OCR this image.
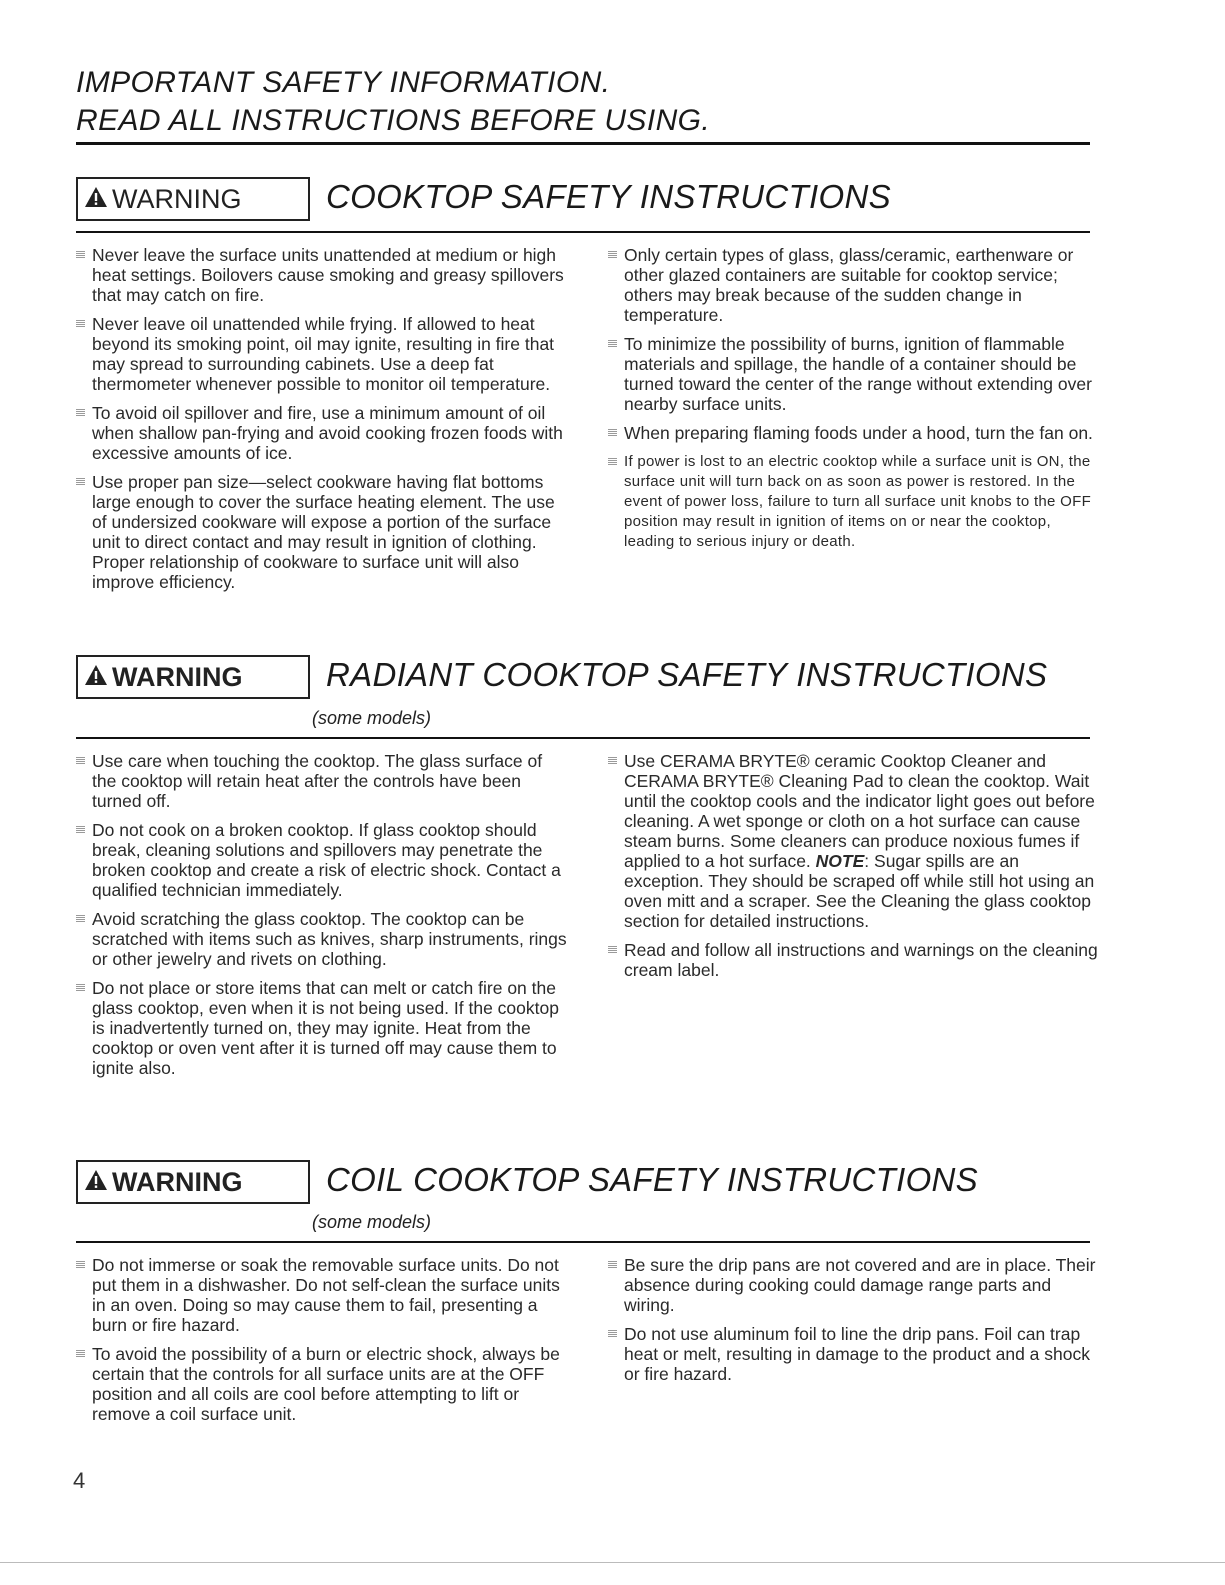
IMPORTANT SAFETY INFORMATION.
READ ALL INSTRUCTIONS BEFORE USING.
WARNING	COOKTOP SAFETY INSTRUCTIONS
Never leave the surface units unattended at medium or high heat settings. Boilovers cause smoking and greasy spillovers that may catch on fire.
Never leave oil unattended while frying. If allowed to heat beyond its smoking point, oil may ignite, resulting in fire that may spread to surrounding cabinets. Use a deep fat thermometer whenever possible to monitor oil temperature.
To avoid oil spillover and fire, use a minimum amount of oil when shallow pan-frying and avoid cooking frozen foods with excessive amounts of ice.
Use proper pan size—select cookware having flat bottoms large enough to cover the surface heating element. The use of undersized cookware will expose a portion of the surface unit to direct contact and may result in ignition of clothing. Proper relationship of cookware to surface unit will also improve efficiency.
Only certain types of glass, glass/ceramic, earthenware or other glazed containers are suitable for cooktop service; others may break because of the sudden change in temperature.
To minimize the possibility of burns, ignition of flammable materials and spillage, the handle of a container should be turned toward the center of the range without extending over nearby surface units.
When preparing flaming foods under a hood, turn the fan on.
If power is lost to an electric cooktop while a surface unit is ON, the surface unit will turn back on as soon as power is restored. In the event of power loss, failure to turn all surface unit knobs to the OFF position may result in ignition of items on or near the cooktop, leading to serious injury or death.
WARNING	RADIANT COOKTOP SAFETY INSTRUCTIONS
(some models)
Use care when touching the cooktop. The glass surface of the cooktop will retain heat after the controls have been turned off.
Do not cook on a broken cooktop. If glass cooktop should break, cleaning solutions and spillovers may penetrate the broken cooktop and create a risk of electric shock. Contact a qualified technician immediately.
Avoid scratching the glass cooktop. The cooktop can be scratched with items such as knives, sharp instruments, rings or other jewelry and rivets on clothing.
Do not place or store items that can melt or catch fire on the glass cooktop, even when it is not being used. If the cooktop is inadvertently turned on, they may ignite. Heat from the cooktop or oven vent after it is turned off may cause them to ignite also.
Use CERAMA BRYTE® ceramic Cooktop Cleaner and CERAMA BRYTE® Cleaning Pad to clean the cooktop. Wait until the cooktop cools and the indicator light goes out before cleaning. A wet sponge or cloth on a hot surface can cause steam burns. Some cleaners can produce noxious fumes if applied to a hot surface. NOTE: Sugar spills are an exception. They should be scraped off while still hot using an oven mitt and a scraper. See the Cleaning the glass cooktop section for detailed instructions.
Read and follow all instructions and warnings on the cleaning cream label.
WARNING	COIL COOKTOP SAFETY INSTRUCTIONS
(some models)
Do not immerse or soak the removable surface units. Do not put them in a dishwasher. Do not self-clean the surface units in an oven. Doing so may cause them to fail, presenting a burn or fire hazard.
To avoid the possibility of a burn or electric shock, always be certain that the controls for all surface units are at the OFF position and all coils are cool before attempting to lift or remove a coil surface unit.
Be sure the drip pans are not covered and are in place. Their absence during cooking could damage range parts and wiring.
Do not use aluminum foil to line the drip pans. Foil can trap heat or melt, resulting in damage to the product and a shock or fire hazard.
4
